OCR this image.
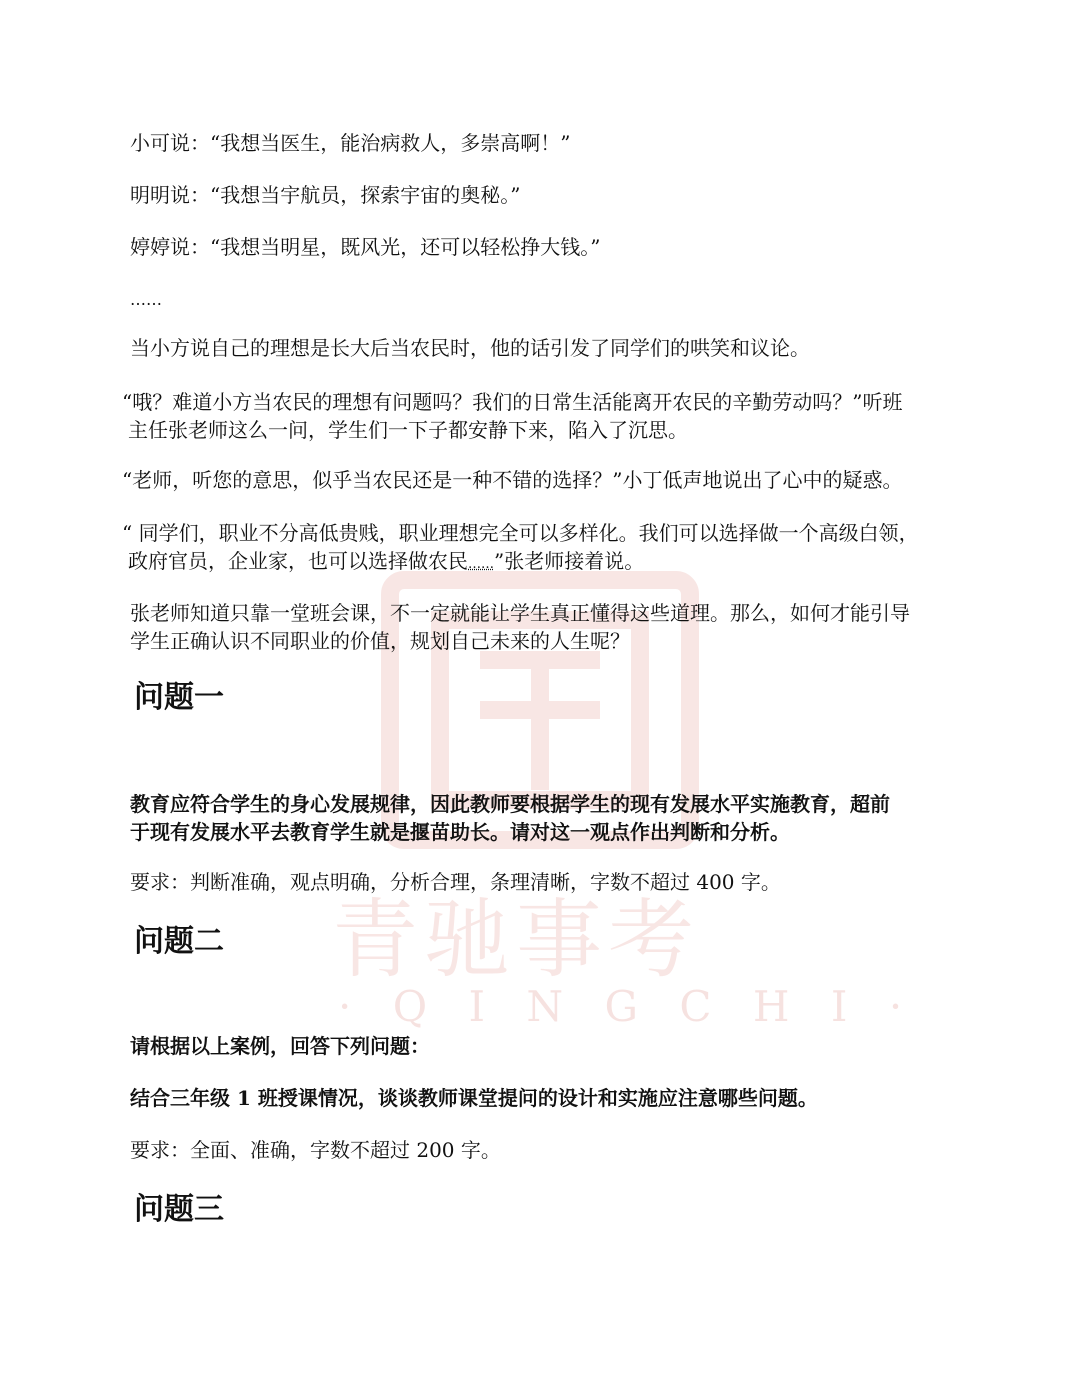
青驰事考
· Q I N G C H I ·

小可说：“我想当医生，能治病救人，多崇高啊！”

明明说：“我想当宇航员，探索宇宙的奥秘。”

婷婷说：“我想当明星，既风光，还可以轻松挣大钱。”

……

当小方说自己的理想是长大后当农民时，他的话引发了同学们的哄笑和议论。

“哦？难道小方当农民的理想有问题吗？我们的日常生活能离开农民的辛勤劳动吗？”听班

主任张老师这么一问，学生们一下子都安静下来，陷入了沉思。

“老师，听您的意思，似乎当农民还是一种不错的选择？”小丁低声地说出了心中的疑惑。

“ 同学们，职业不分高低贵贱，职业理想完全可以多样化。我们可以选择做一个高级白领，

政府官员，企业家，也可以选择做农民……”张老师接着说。

张老师知道只靠一堂班会课，不一定就能让学生真正懂得这些道理。那么，如何才能引导

学生正确认识不同职业的价值，规划自己未来的人生呢？

问题一

教育应符合学生的身心发展规律，因此教师要根据学生的现有发展水平实施教育，超前

于现有发展水平去教育学生就是揠苗助长。请对这一观点作出判断和分析。

要求：判断准确，观点明确，分析合理，条理清晰，字数不超过 400 字。

问题二

请根据以上案例，回答下列问题：

结合三年级 1 班授课情况，谈谈教师课堂提问的设计和实施应注意哪些问题。

要求：全面、准确，字数不超过 200 字。

问题三
